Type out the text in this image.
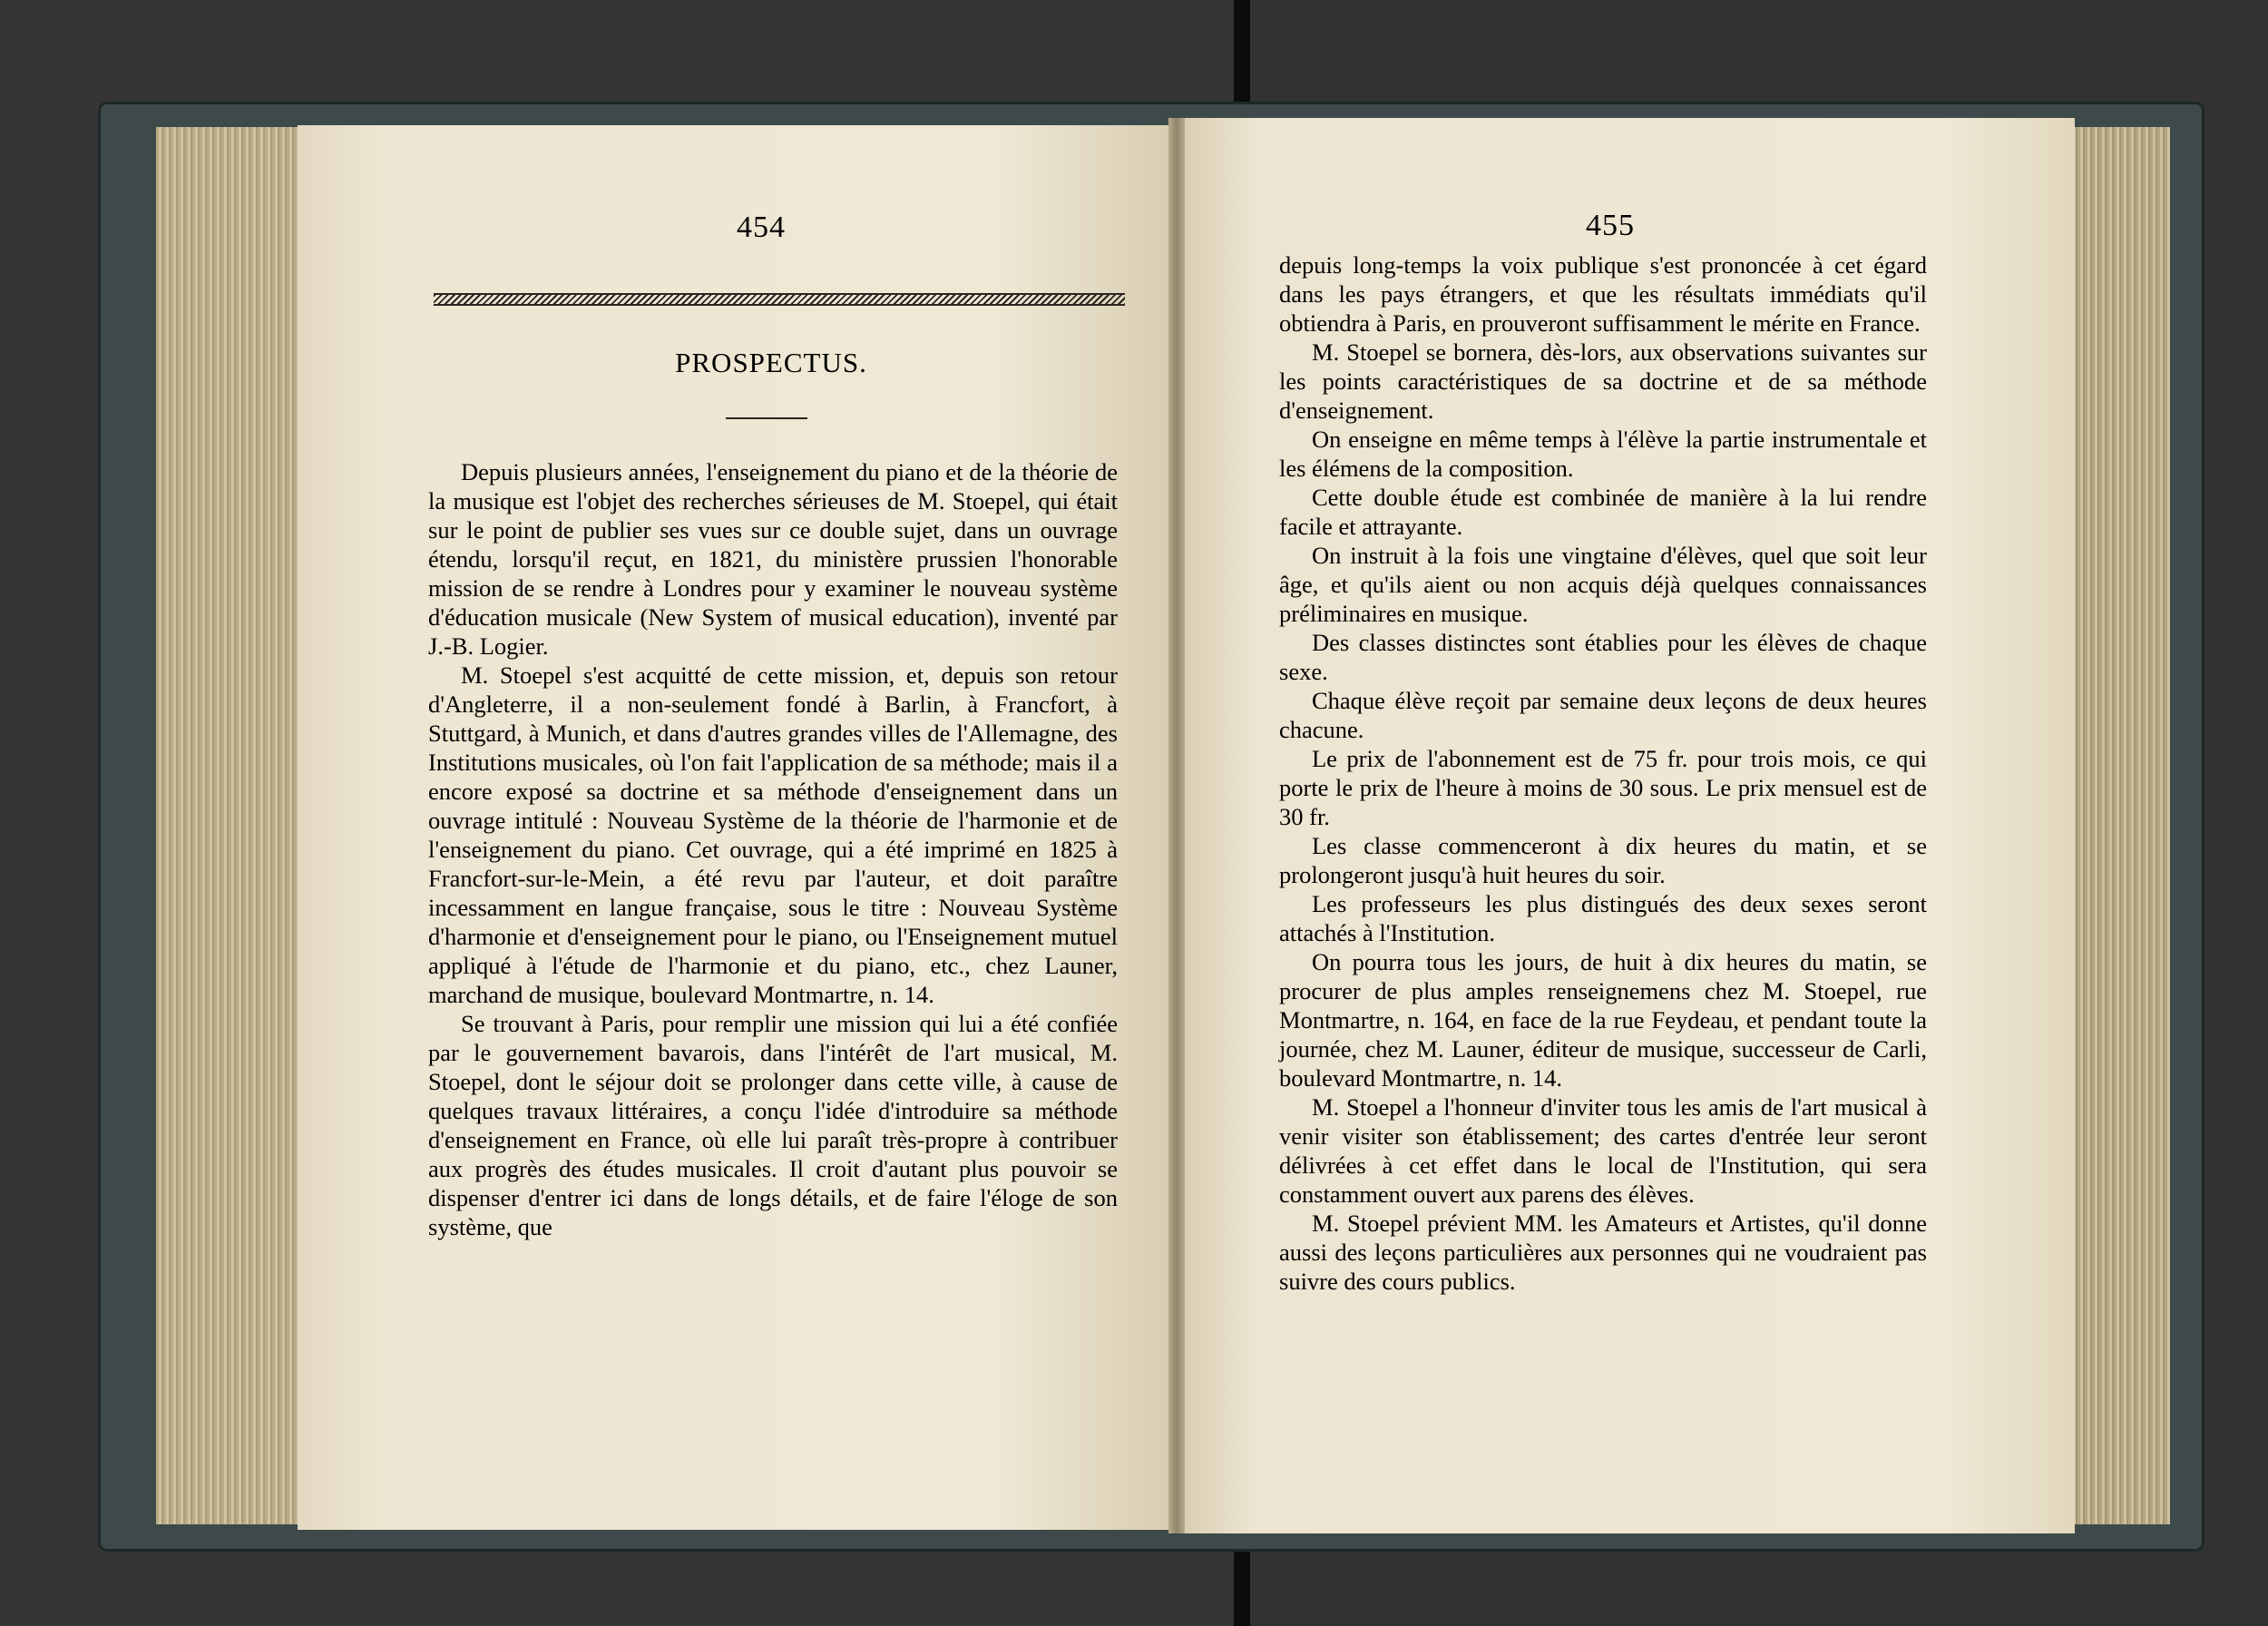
454
PROSPECTUS.

Depuis plusieurs années, l'enseignement du piano et de la théorie de la musique est l'objet des recherches sérieuses de M. Stoepel, qui était sur le point de publier ses vues sur ce double sujet, dans un ouvrage étendu, lorsqu'il reçut, en 1821, du ministère prussien l'honorable mission de se rendre à Londres pour y examiner le nouveau système d'éducation musicale (New System of musical education), inventé par J.-B. Logier.

M. Stoepel s'est acquitté de cette mission, et, depuis son retour d'Angleterre, il a non-seulement fondé à Barlin, à Francfort, à Stuttgard, à Munich, et dans d'autres grandes villes de l'Allemagne, des Institutions musicales, où l'on fait l'application de sa méthode; mais il a encore exposé sa doctrine et sa méthode d'enseignement dans un ouvrage intitulé : Nouveau Système de la théorie de l'harmonie et de l'enseignement du piano. Cet ouvrage, qui a été imprimé en 1825 à Francfort-sur-le-Mein, a été revu par l'auteur, et doit paraître incessamment en langue française, sous le titre : Nouveau Système d'harmonie et d'enseignement pour le piano, ou l'Enseignement mutuel appliqué à l'étude de l'harmonie et du piano, etc., chez Launer, marchand de musique, boulevard Montmartre, n. 14.

Se trouvant à Paris, pour remplir une mission qui lui a été confiée par le gouvernement bavarois, dans l'intérêt de l'art musical, M. Stoepel, dont le séjour doit se prolonger dans cette ville, à cause de quelques travaux littéraires, a conçu l'idée d'introduire sa méthode d'enseignement en France, où elle lui paraît très-propre à contribuer aux progrès des études musicales. Il croit d'autant plus pouvoir se dispenser d'entrer ici dans de longs détails, et de faire l'éloge de son système, que

455

depuis long-temps la voix publique s'est prononcée à cet égard dans les pays étrangers, et que les résultats immédiats qu'il obtiendra à Paris, en prouveront suffisamment le mérite en France.

M. Stoepel se bornera, dès-lors, aux observations suivantes sur les points caractéristiques de sa doctrine et de sa méthode d'enseignement.

On enseigne en même temps à l'élève la partie instrumentale et les élémens de la composition.

Cette double étude est combinée de manière à la lui rendre facile et attrayante.

On instruit à la fois une vingtaine d'élèves, quel que soit leur âge, et qu'ils aient ou non acquis déjà quelques connaissances préliminaires en musique.

Des classes distinctes sont établies pour les élèves de chaque sexe.

Chaque élève reçoit par semaine deux leçons de deux heures chacune.

Le prix de l'abonnement est de 75 fr. pour trois mois, ce qui porte le prix de l'heure à moins de 30 sous. Le prix mensuel est de 30 fr.

Les classe commenceront à dix heures du matin, et se prolongeront jusqu'à huit heures du soir.

Les professeurs les plus distingués des deux sexes seront attachés à l'Institution.

On pourra tous les jours, de huit à dix heures du matin, se procurer de plus amples renseignemens chez M. Stoepel, rue Montmartre, n. 164, en face de la rue Feydeau, et pendant toute la journée, chez M. Launer, éditeur de musique, successeur de Carli, boulevard Montmartre, n. 14.

M. Stoepel a l'honneur d'inviter tous les amis de l'art musical à venir visiter son établissement; des cartes d'entrée leur seront délivrées à cet effet dans le local de l'Institution, qui sera constamment ouvert aux parens des élèves.

M. Stoepel prévient MM. les Amateurs et Artistes, qu'il donne aussi des leçons particulières aux personnes qui ne voudraient pas suivre des cours publics.
